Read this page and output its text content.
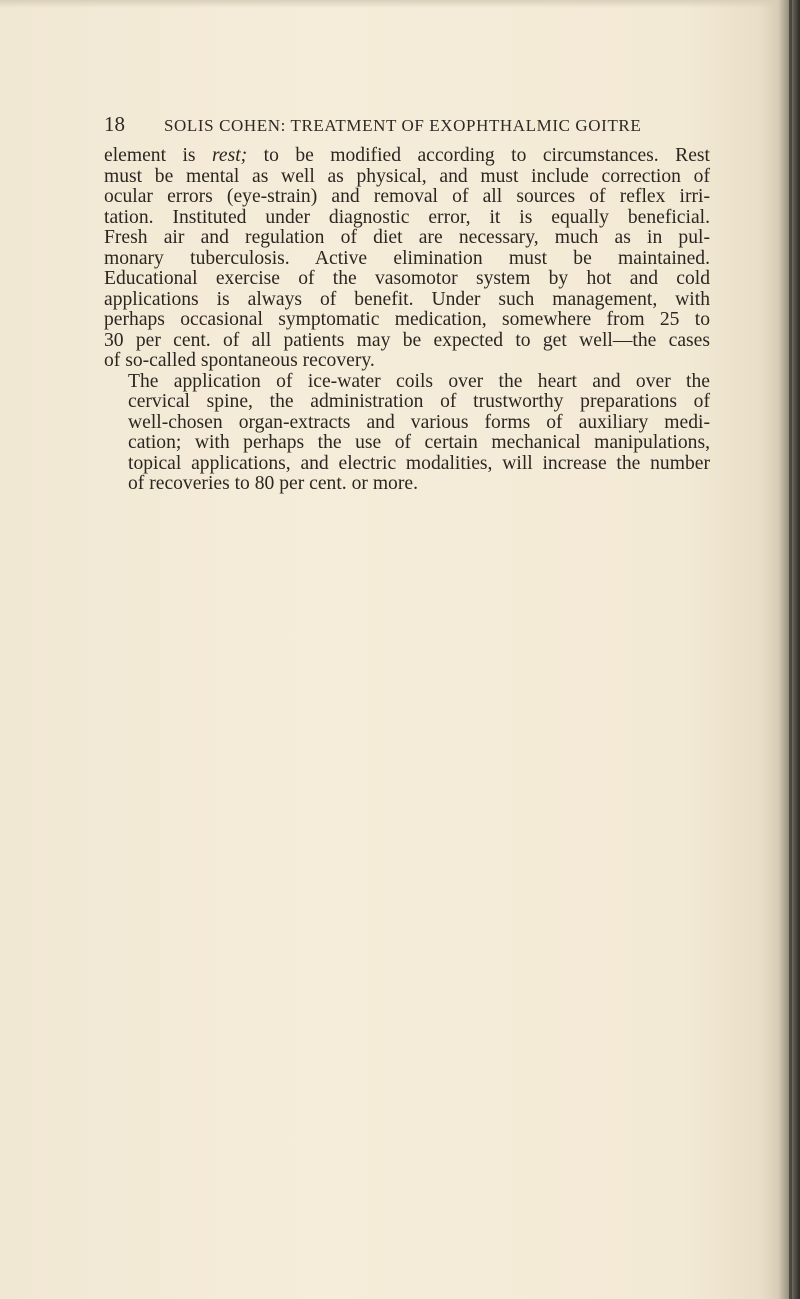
18	SOLIS COHEN: TREATMENT OF EXOPHTHALMIC GOITRE
element is rest; to be modified according to circumstances. Rest
must be mental as well as physical, and must include correction of
ocular errors (eye-strain) and removal of all sources of reflex irri-
tation. Instituted under diagnostic error, it is equally beneficial.
Fresh air and regulation of diet are necessary, much as in pul-
monary tuberculosis. Active elimination must be maintained.
Educational exercise of the vasomotor system by hot and cold
applications is always of benefit. Under such management, with
perhaps occasional symptomatic medication, somewhere from 25 to
30 per cent. of all patients may be expected to get well—the cases
of so-called spontaneous recovery.
The application of ice-water coils over the heart and over the
cervical spine, the administration of trustworthy preparations of
well-chosen organ-extracts and various forms of auxiliary medi-
cation; with perhaps the use of certain mechanical manipulations,
topical applications, and electric modalities, will increase the number
of recoveries to 80 per cent. or more.
